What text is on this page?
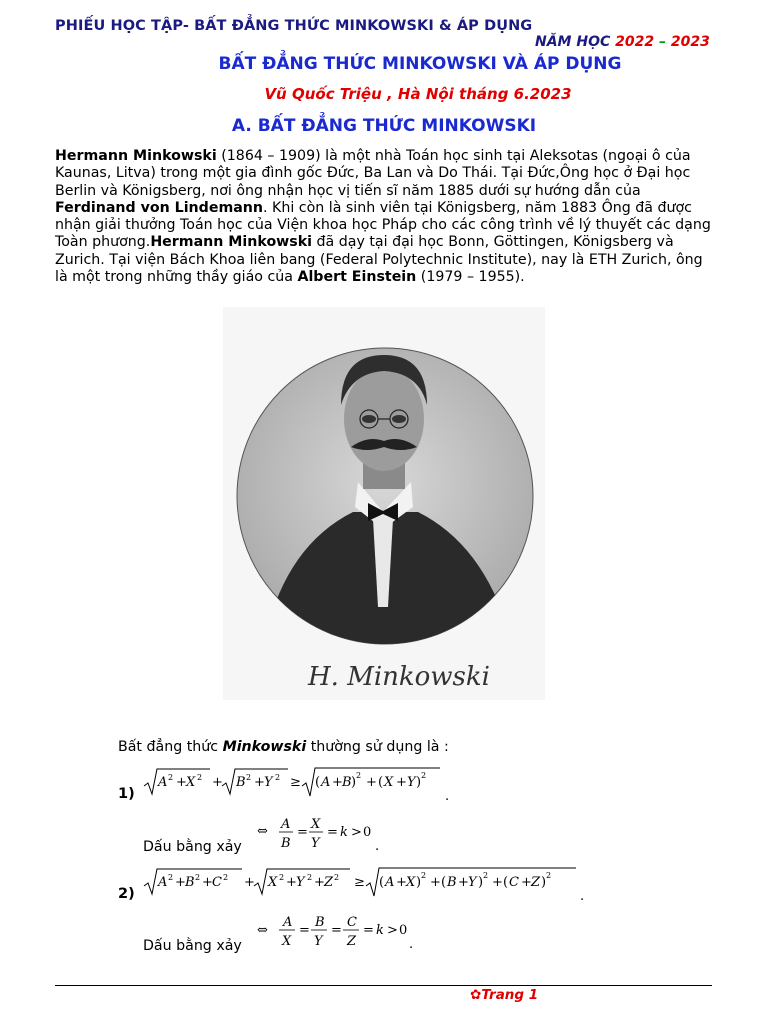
PHIẾU HỌC TẬP- BẤT ĐẲNG THỨC MINKOWSKI & ÁP DỤNG
NĂM HỌC 2022 – 2023
BẤT ĐẲNG THỨC MINKOWSKI VÀ ÁP DỤNG
Vũ Quốc Triệu , Hà Nội tháng 6.2023
A. BẤT ĐẲNG THỨC MINKOWSKI
Hermann Minkowski (1864 – 1909) là một nhà Toán học sinh tại Aleksotas (ngoại ô của Kaunas, Litva) trong một gia đình gốc Đức, Ba Lan và Do Thái. Tại Đức,Ông học ở Đại học Berlin và Königsberg, nơi ông nhận học vị tiến sĩ năm 1885 dưới sự hướng dẫn của Ferdinand von Lindemann. Khi còn là sinh viên tại Königsberg, năm 1883 Ông đã được nhận giải thưởng Toán học của Viện khoa học Pháp cho các công trình về lý thuyết các dạng Toàn phương.Hermann Minkowski đã dạy tại đại học Bonn, Göttingen, Königsberg và Zurich. Tại viện Bách Khoa liên bang (Federal Polytechnic Institute), nay là ETH Zurich, ông là một trong những thầy giáo của Albert Einstein (1979 – 1955).
H. Minkowski
Bất đẳng thức Minkowski thường sử dụng là :
1)
A 2 + X 2 + B 2 + Y 2 ≥ ( A + B ) 2 + ( X + Y ) 2
.
Dấu bằng xảy
⇔ A
B
=
X
Y
= k > 0
.
2)
A 2 + B 2 + C 2 + X 2 + Y 2 + Z 2 ≥ ( A + X ) 2 + ( B + Y ) 2 + ( C + Z ) 2
.
Dấu bằng xảy
⇔
A
X
=
B
Y
=
C
Z
= k > 0
.
✿Trang 1
